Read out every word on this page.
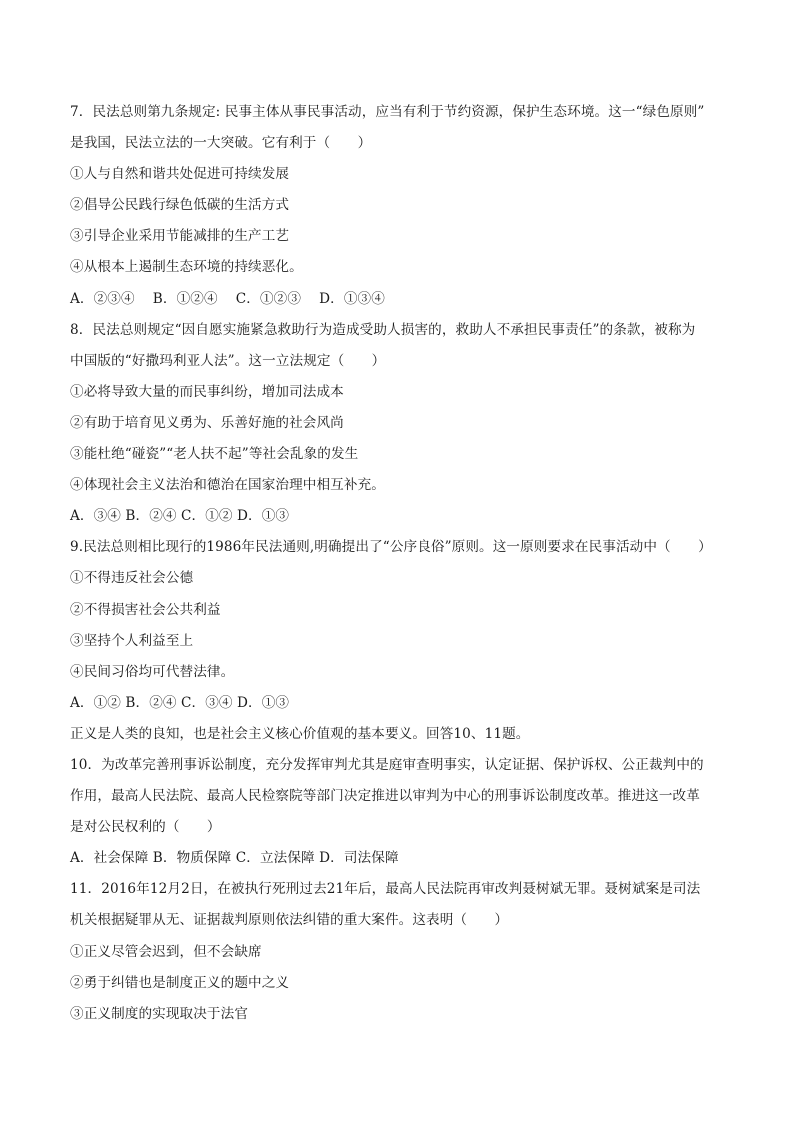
7．民法总则第九条规定: 民事主体从事民事活动，应当有利于节约资源，保护生态环境。这一“绿色原则”
是我国，民法立法的一大突破。它有利于（　　）
①人与自然和谐共处促进可持续发展
②倡导公民践行绿色低碳的生活方式
③引导企业采用节能减排的生产工艺
④从根本上遏制生态环境的持续恶化。
A．②③④　 B．①②④　 C．①②③　 D．①③④
8．民法总则规定“因自愿实施紧急救助行为造成受助人损害的，救助人不承担民事责任”的条款，被称为
中国版的“好撒玛利亚人法”。这一立法规定（　　）
①必将导致大量的而民事纠纷，增加司法成本
②有助于培育见义勇为、乐善好施的社会风尚
③能杜绝“碰瓷”“老人扶不起”等社会乱象的发生
④体现社会主义法治和德治在国家治理中相互补充。
A．③④ B．②④ C．①② D．①③
9.民法总则相比现行的1986年民法通则,明确提出了“公序良俗”原则。这一原则要求在民事活动中（　　）
①不得违反社会公德
②不得损害社会公共利益
③坚持个人利益至上
④民间习俗均可代替法律。
A．①② B．②④ C．③④ D．①③
正义是人类的良知，也是社会主义核心价值观的基本要义。回答10、11题。
10．为改革完善刑事诉讼制度，充分发挥审判尤其是庭审查明事实，认定证据、保护诉权、公正裁判中的
作用，最高人民法院、最高人民检察院等部门决定推进以审判为中心的刑事诉讼制度改革。推进这一改革
是对公民权利的（　　）
A．社会保障 B．物质保障 C．立法保障 D．司法保障
11．2016年12月2日，在被执行死刑过去21年后，最高人民法院再审改判聂树斌无罪。聂树斌案是司法
机关根据疑罪从无、证据裁判原则依法纠错的重大案件。这表明（　　）
①正义尽管会迟到，但不会缺席
②勇于纠错也是制度正义的题中之义
③正义制度的实现取决于法官
